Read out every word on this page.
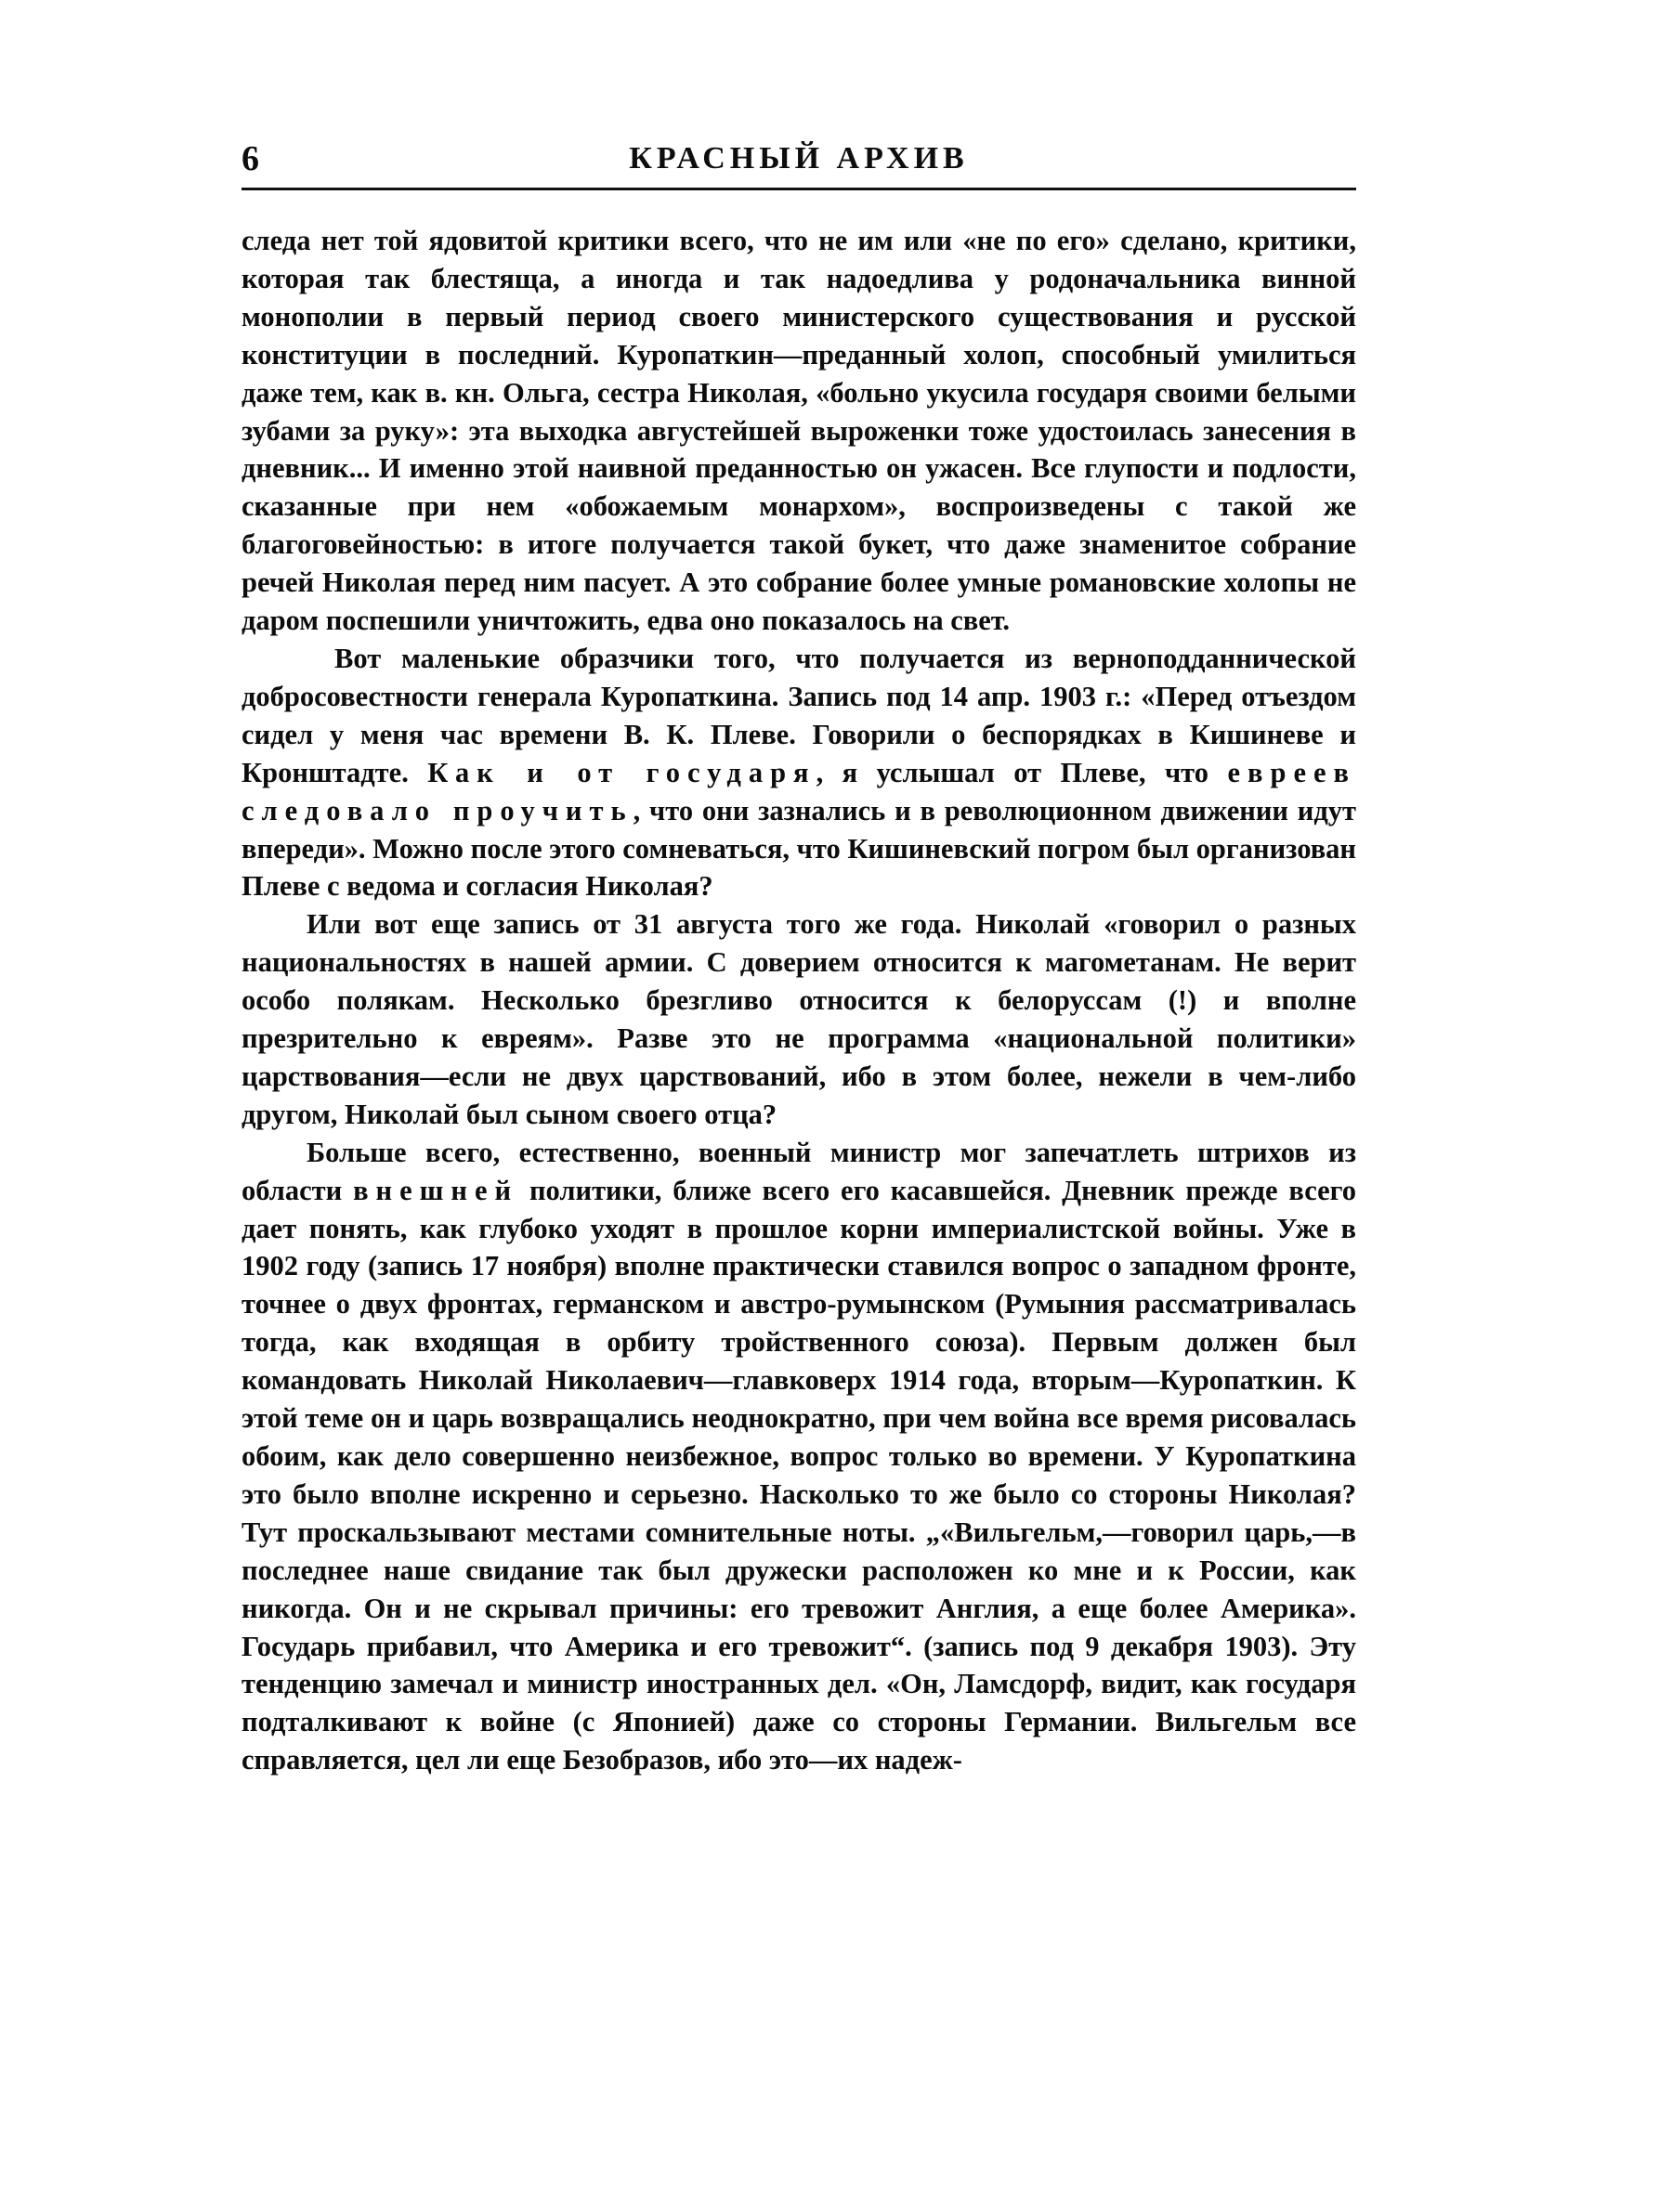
6	КРАСНЫЙ АРХИВ

следа нет той ядовитой критики всего, что не им или «не по его» сделано, критики, которая так блестяща, а иногда и так надоедлива у родоначальника винной монополии в первый период своего министерского существования и русской конституции в последний. Куропаткин—преданный холоп, способный умилиться даже тем, как в. кн. Ольга, сестра Николая, «больно укусила государя своими белыми зубами за руку»: эта выходка августейшей выроженки тоже удостоилась занесения в дневник... И именно этой наивной преданностью он ужасен. Все глупости и подлости, сказанные при нем «обожаемым монархом», воспроизведены с такой же благоговейностью: в итоге получается такой букет, что даже знаменитое собрание речей Николая перед ним пасует. А это собрание более умные романовские холопы не даром поспешили уничтожить, едва оно показалось на свет.

Вот маленькие образчики того, что получается из верноподданнической добросовестности генерала Куропаткина. Запись под 14 апр. 1903 г.: «Перед отъездом сидел у меня час времени В. К. Плеве. Говорили о беспорядках в Кишиневе и Кронштадте. Как и от государя, я услышал от Плеве, что евреев следовало проучить, что они зазнались и в революционном движении идут впереди». Можно после этого сомневаться, что Кишиневский погром был организован Плеве с ведома и согласия Николая?

Или вот еще запись от 31 августа того же года. Николай «говорил о разных национальностях в нашей армии. С доверием относится к магометанам. Не верит особо полякам. Несколько брезгливо относится к белоруссам (!) и вполне презрительно к евреям». Разве это не программа «национальной политики» царствования—если не двух царствований, ибо в этом более, нежели в чем-либо другом, Николай был сыном своего отца?

Больше всего, естественно, военный министр мог запечатлеть штрихов из области внешней политики, ближе всего его касавшейся. Дневник прежде всего дает понять, как глубоко уходят в прошлое корни империалистской войны. Уже в 1902 году (запись 17 ноября) вполне практически ставился вопрос о западном фронте, точнее о двух фронтах, германском и австро-румынском (Румыния рассматривалась тогда, как входящая в орбиту тройственного союза). Первым должен был командовать Николай Николаевич—главковерх 1914 года, вторым—Куропаткин. К этой теме он и царь возвращались неоднократно, при чем война все время рисовалась обоим, как дело совершенно неизбежное, вопрос только во времени. У Куропаткина это было вполне искренно и серьезно. Насколько то же было со стороны Николая? Тут проскальзывают местами сомнительные ноты. „«Вильгельм,—говорил царь,—в последнее наше свидание так был дружески расположен ко мне и к России, как никогда. Он и не скрывал причины: его тревожит Англия, а еще более Америка». Государь прибавил, что Америка и его тревожит“. (запись под 9 декабря 1903). Эту тенденцию замечал и министр иностранных дел. «Он, Ламсдорф, видит, как государя подталкивают к войне (с Японией) даже со стороны Германии. Вильгельм все справляется, цел ли еще Безобразов, ибо это—их надеж-
